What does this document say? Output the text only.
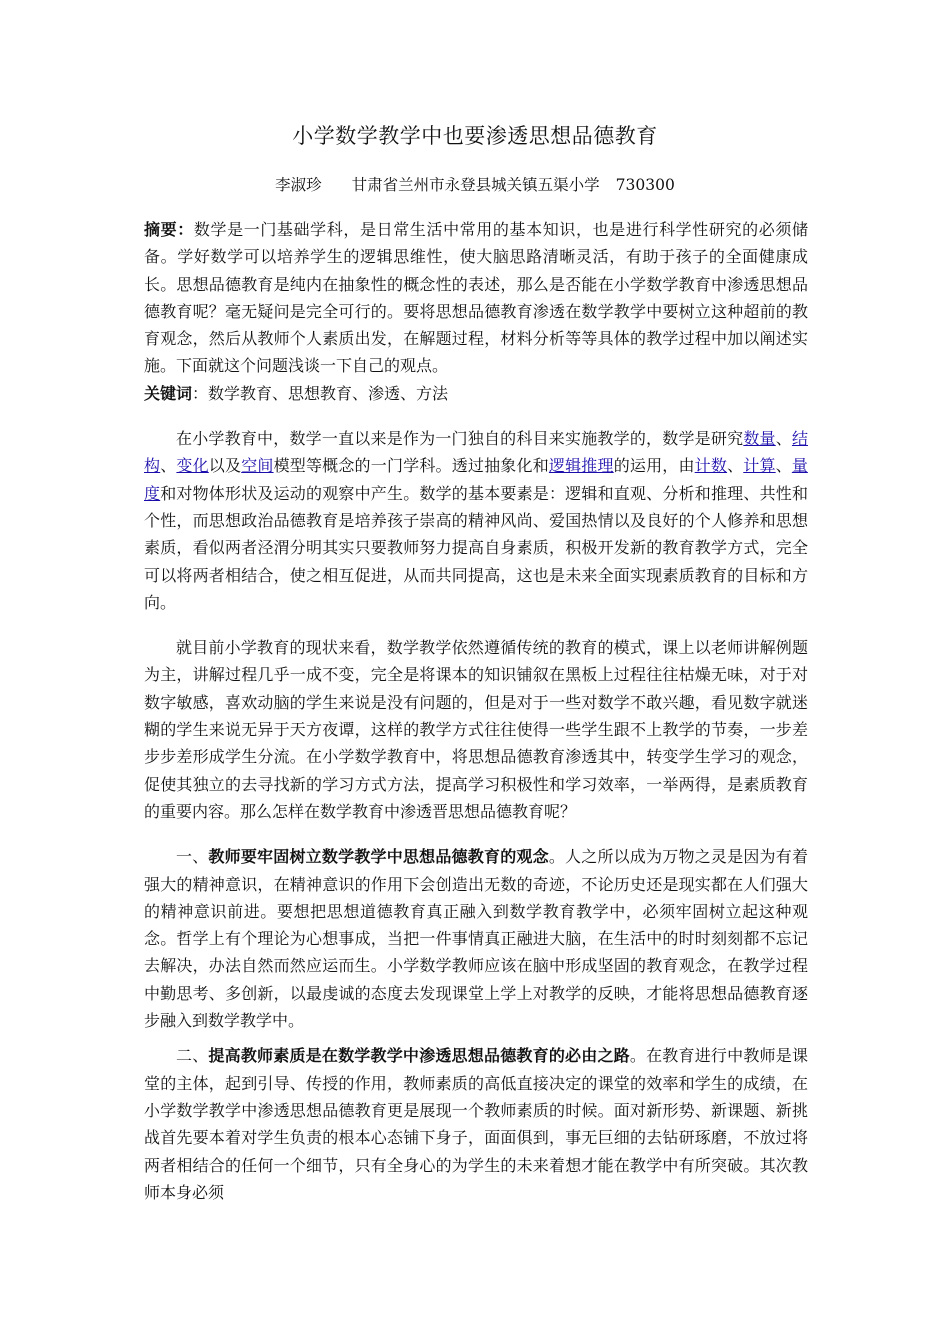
小学数学教学中也要渗透思想品德教育
李淑珍 甘肃省兰州市永登县城关镇五渠小学 730300

摘要：数学是一门基础学科，是日常生活中常用的基本知识，也是进行科学性研究的必须储备。学好数学可以培养学生的逻辑思维性，使大脑思路清晰灵活，有助于孩子的全面健康成长。思想品德教育是纯内在抽象性的概念性的表述，那么是否能在小学数学教育中渗透思想品德教育呢？毫无疑问是完全可行的。要将思想品德教育渗透在数学教学中要树立这种超前的教育观念，然后从教师个人素质出发，在解题过程，材料分析等等具体的教学过程中加以阐述实施。下面就这个问题浅谈一下自己的观点。

关键词：数学教育、思想教育、渗透、方法

在小学教育中，数学一直以来是作为一门独自的科目来实施教学的，数学是研究数量、结构、变化以及空间模型等概念的一门学科。透过抽象化和逻辑推理的运用，由计数、计算、量度和对物体形状及运动的观察中产生。数学的基本要素是：逻辑和直观、分析和推理、共性和个性，而思想政治品德教育是培养孩子崇高的精神风尚、爱国热情以及良好的个人修养和思想素质，看似两者泾渭分明其实只要教师努力提高自身素质，积极开发新的教育教学方式，完全可以将两者相结合，使之相互促进，从而共同提高，这也是未来全面实现素质教育的目标和方向。

就目前小学教育的现状来看，数学教学依然遵循传统的教育的模式，课上以老师讲解例题为主，讲解过程几乎一成不变，完全是将课本的知识铺叙在黑板上过程往往枯燥无味，对于对数字敏感，喜欢动脑的学生来说是没有问题的，但是对于一些对数学不敢兴趣，看见数字就迷糊的学生来说无异于天方夜谭，这样的教学方式往往使得一些学生跟不上教学的节奏，一步差步步差形成学生分流。在小学数学教育中，将思想品德教育渗透其中，转变学生学习的观念，促使其独立的去寻找新的学习方式方法，提高学习积极性和学习效率，一举两得，是素质教育的重要内容。那么怎样在数学教育中渗透晋思想品德教育呢？

一、教师要牢固树立数学教学中思想品德教育的观念。人之所以成为万物之灵是因为有着强大的精神意识，在精神意识的作用下会创造出无数的奇迹，不论历史还是现实都在人们强大的精神意识前进。要想把思想道德教育真正融入到数学教育教学中，必须牢固树立起这种观念。哲学上有个理论为心想事成，当把一件事情真正融进大脑，在生活中的时时刻刻都不忘记去解决，办法自然而然应运而生。小学数学教师应该在脑中形成坚固的教育观念，在教学过程中勤思考、多创新，以最虔诚的态度去发现课堂上学上对教学的反映，才能将思想品德教育逐步融入到数学教学中。

二、提高教师素质是在数学教学中渗透思想品德教育的必由之路。在教育进行中教师是课堂的主体，起到引导、传授的作用，教师素质的高低直接决定的课堂的效率和学生的成绩，在小学数学教学中渗透思想品德教育更是展现一个教师素质的时候。面对新形势、新课题、新挑战首先要本着对学生负责的根本心态铺下身子，面面俱到，事无巨细的去钻研琢磨，不放过将两者相结合的任何一个细节，只有全身心的为学生的未来着想才能在教学中有所突破。其次教师本身必须
